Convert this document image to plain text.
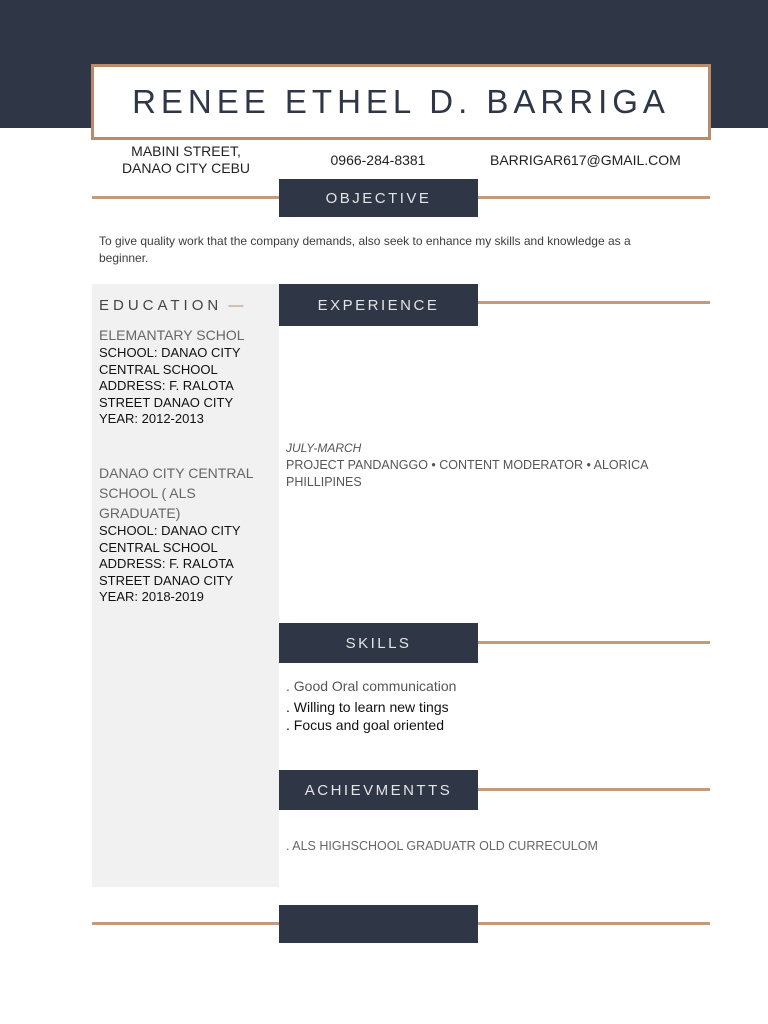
RENEE ETHEL D. BARRIGA
MABINI STREET,
DANAO CITY CEBU	0966-284-8381	BARRIGAR617@GMAIL.COM
OBJECTIVE
To give quality work that the company demands, also seek to enhance my skills and knowledge as a beginner.
EDUCATION —
ELEMANTARY SCHOL
SCHOOL: DANAO CITY CENTRAL SCHOOL
ADDRESS: F. RALOTA STREET DANAO CITY
YEAR: 2012-2013
DANAO CITY CENTRAL SCHOOL ( ALS GRADUATE)
SCHOOL: DANAO CITY CENTRAL SCHOOL
ADDRESS: F. RALOTA STREET DANAO CITY
YEAR: 2018-2019
EXPERIENCE
JULY-MARCH
PROJECT PANDANGGO • CONTENT MODERATOR • ALORICA PHILLIPINES
SKILLS
. Good Oral communication
. Willing to learn new tings
. Focus and goal oriented
ACHIEVMENTTS
. ALS HIGHSCHOOL GRADUATR OLD CURRECULOM
